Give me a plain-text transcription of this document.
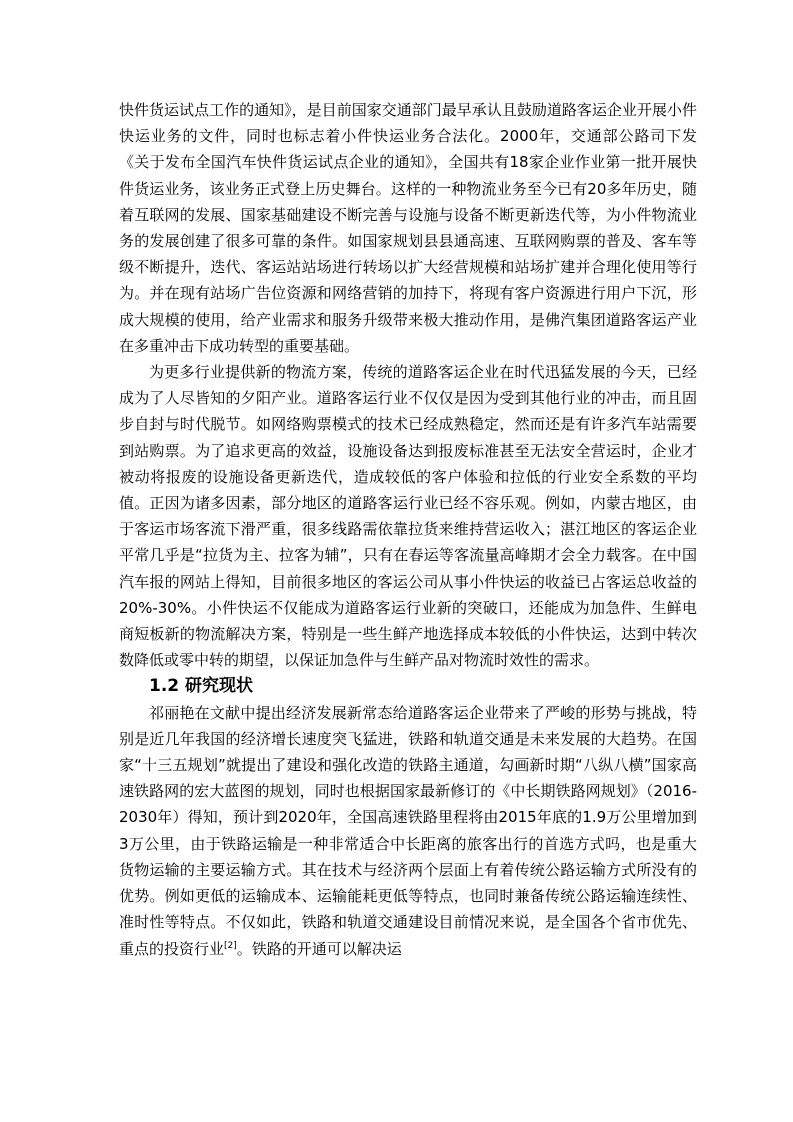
快件货运试点工作的通知》，是目前国家交通部门最早承认且鼓励道路客运企业开展小件快运业务的文件，同时也标志着小件快运业务合法化。2000年，交通部公路司下发《关于发布全国汽车快件货运试点企业的通知》，全国共有18家企业作业第一批开展快件货运业务，该业务正式登上历史舞台。这样的一种物流业务至今已有20多年历史，随着互联网的发展、国家基础建设不断完善与设施与设备不断更新迭代等，为小件物流业务的发展创建了很多可靠的条件。如国家规划县县通高速、互联网购票的普及、客车等级不断提升，迭代、客运站站场进行转场以扩大经营规模和站场扩建并合理化使用等行为。并在现有站场广告位资源和网络营销的加持下，将现有客户资源进行用户下沉，形成大规模的使用，给产业需求和服务升级带来极大推动作用，是佛汽集团道路客运产业在多重冲击下成功转型的重要基础。

为更多行业提供新的物流方案，传统的道路客运企业在时代迅猛发展的今天，已经成为了人尽皆知的夕阳产业。道路客运行业不仅仅是因为受到其他行业的冲击，而且固步自封与时代脱节。如网络购票模式的技术已经成熟稳定，然而还是有许多汽车站需要到站购票。为了追求更高的效益，设施设备达到报废标准甚至无法安全营运时，企业才被动将报废的设施设备更新迭代，造成较低的客户体验和拉低的行业安全系数的平均值。正因为诸多因素，部分地区的道路客运行业已经不容乐观。例如，内蒙古地区，由于客运市场客流下滑严重，很多线路需依靠拉货来维持营运收入；湛江地区的客运企业平常几乎是“拉货为主、拉客为辅”，只有在春运等客流量高峰期才会全力载客。在中国汽车报的网站上得知，目前很多地区的客运公司从事小件快运的收益已占客运总收益的20%-30%。小件快运不仅能成为道路客运行业新的突破口，还能成为加急件、生鲜电商短板新的物流解决方案，特别是一些生鲜产地选择成本较低的小件快运，达到中转次数降低或零中转的期望，以保证加急件与生鲜产品对物流时效性的需求。

1.2 研究现状

祁丽艳在文献中提出经济发展新常态给道路客运企业带来了严峻的形势与挑战，特别是近几年我国的经济增长速度突飞猛进，铁路和轨道交通是未来发展的大趋势。在国家“十三五规划”就提出了建设和强化改造的铁路主通道，勾画新时期“八纵八横”国家高速铁路网的宏大蓝图的规划，同时也根据国家最新修订的《中长期铁路网规划》（2016-2030年）得知，预计到2020年，全国高速铁路里程将由2015年底的1.9万公里增加到3万公里，由于铁路运输是一种非常适合中长距离的旅客出行的首选方式吗，也是重大货物运输的主要运输方式。其在技术与经济两个层面上有着传统公路运输方式所没有的优势。例如更低的运输成本、运输能耗更低等特点，也同时兼备传统公路运输连续性、准时性等特点。不仅如此，铁路和轨道交通建设目前情况来说，是全国各个省市优先、重点的投资行业[2]。铁路的开通可以解决运
